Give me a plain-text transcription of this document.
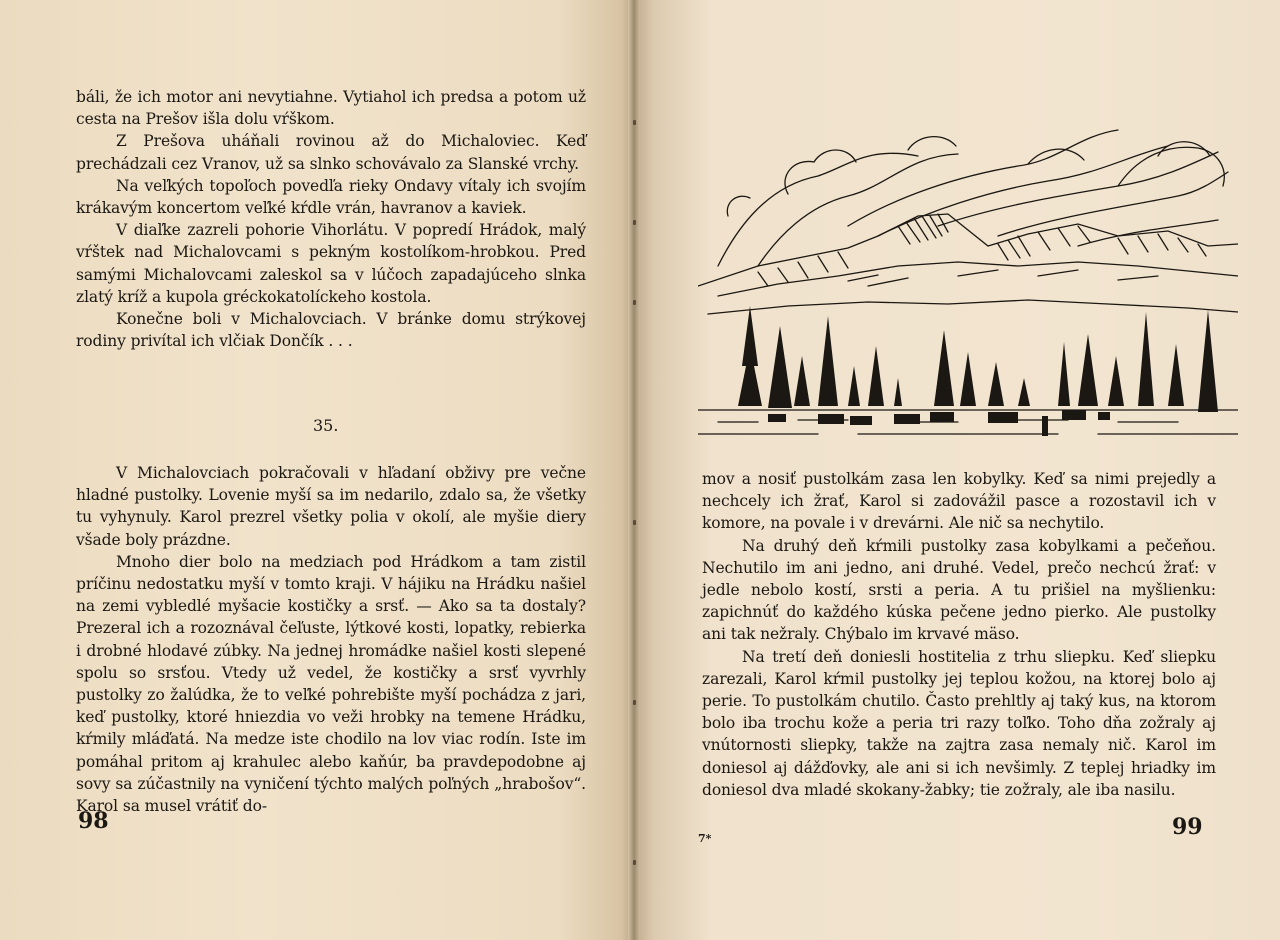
báli, že ich motor ani nevytiahne. Vytiahol ich predsa a potom už cesta na Prešov išla dolu vŕškom.

Z Prešova uháňali rovinou až do Michaloviec. Keď prechádzali cez Vranov, už sa slnko schovávalo za Slanské vrchy.

Na veľkých topoľoch povedľa rieky Ondavy vítaly ich svojím krákavým koncertom veľké kŕdle vrán, havranov a kaviek.

V diaľke zazreli pohorie Vihorlátu. V popredí Hrádok, malý vŕštek nad Michalovcami s pekným kostolíkom-hrobkou. Pred samými Michalovcami zaleskol sa v lúčoch zapadajúceho slnka zlatý kríž a kupola gréckokatolíckeho kostola.

Konečne boli v Michalovciach. V bránke domu strýkovej rodiny privítal ich vlčiak Dončík . . .

35.

V Michalovciach pokračovali v hľadaní obživy pre večne hladné pustolky. Lovenie myší sa im nedarilo, zdalo sa, že všetky tu vyhynuly. Karol prezrel všetky polia v okolí, ale myšie diery všade boly prázdne.

Mnoho dier bolo na medziach pod Hrádkom a tam zistil príčinu nedostatku myší v tomto kraji. V hájiku na Hrádku našiel na zemi vybledlé myšacie kostičky a srsť. — Ako sa ta dostaly? Prezeral ich a rozoznával čeľuste, lýtkové kosti, lopatky, rebierka i drobné hlodavé zúbky. Na jednej hromádke našiel kosti slepené spolu so srsťou. Vtedy už vedel, že kostičky a srsť vyvrhly pustolky zo žalúdka, že to veľké pohrebište myší pochádza z jari, keď pustolky, ktoré hniezdia vo veži hrobky na temene Hrádku, kŕmily mláďatá. Na medze iste chodilo na lov viac rodín. Iste im pomáhal pritom aj krahulec alebo kaňúr, ba pravdepodobne aj sovy sa zúčastnily na vyničení týchto malých poľných „hrabošov“. Karol sa musel vrátiť do-

98

mov a nosiť pustolkám zasa len kobylky. Keď sa nimi prejedly a nechcely ich žrať, Karol si zadovážil pasce a rozostavil ich v komore, na povale i v drevárni. Ale nič sa nechytilo.

Na druhý deň kŕmili pustolky zasa kobylkami a pečeňou. Nechutilo im ani jedno, ani druhé. Vedel, prečo nechcú žrať: v jedle nebolo kostí, srsti a peria. A tu prišiel na myšlienku: zapichnúť do každého kúska pečene jedno pierko. Ale pustolky ani tak nežraly. Chýbalo im krvavé mäso.

Na tretí deň doniesli hostitelia z trhu sliepku. Keď sliepku zarezali, Karol kŕmil pustolky jej teplou kožou, na ktorej bolo aj perie. To pustolkám chutilo. Často prehltly aj taký kus, na ktorom bolo iba trochu kože a peria tri razy toľko. Toho dňa zožraly aj vnútornosti sliepky, takže na zajtra zasa nemaly nič. Karol im doniesol aj dážďovky, ale ani si ich nevšimly. Z teplej hriadky im doniesol dva mladé skokany-žabky; tie zožraly, ale iba nasilu.

7*	99
